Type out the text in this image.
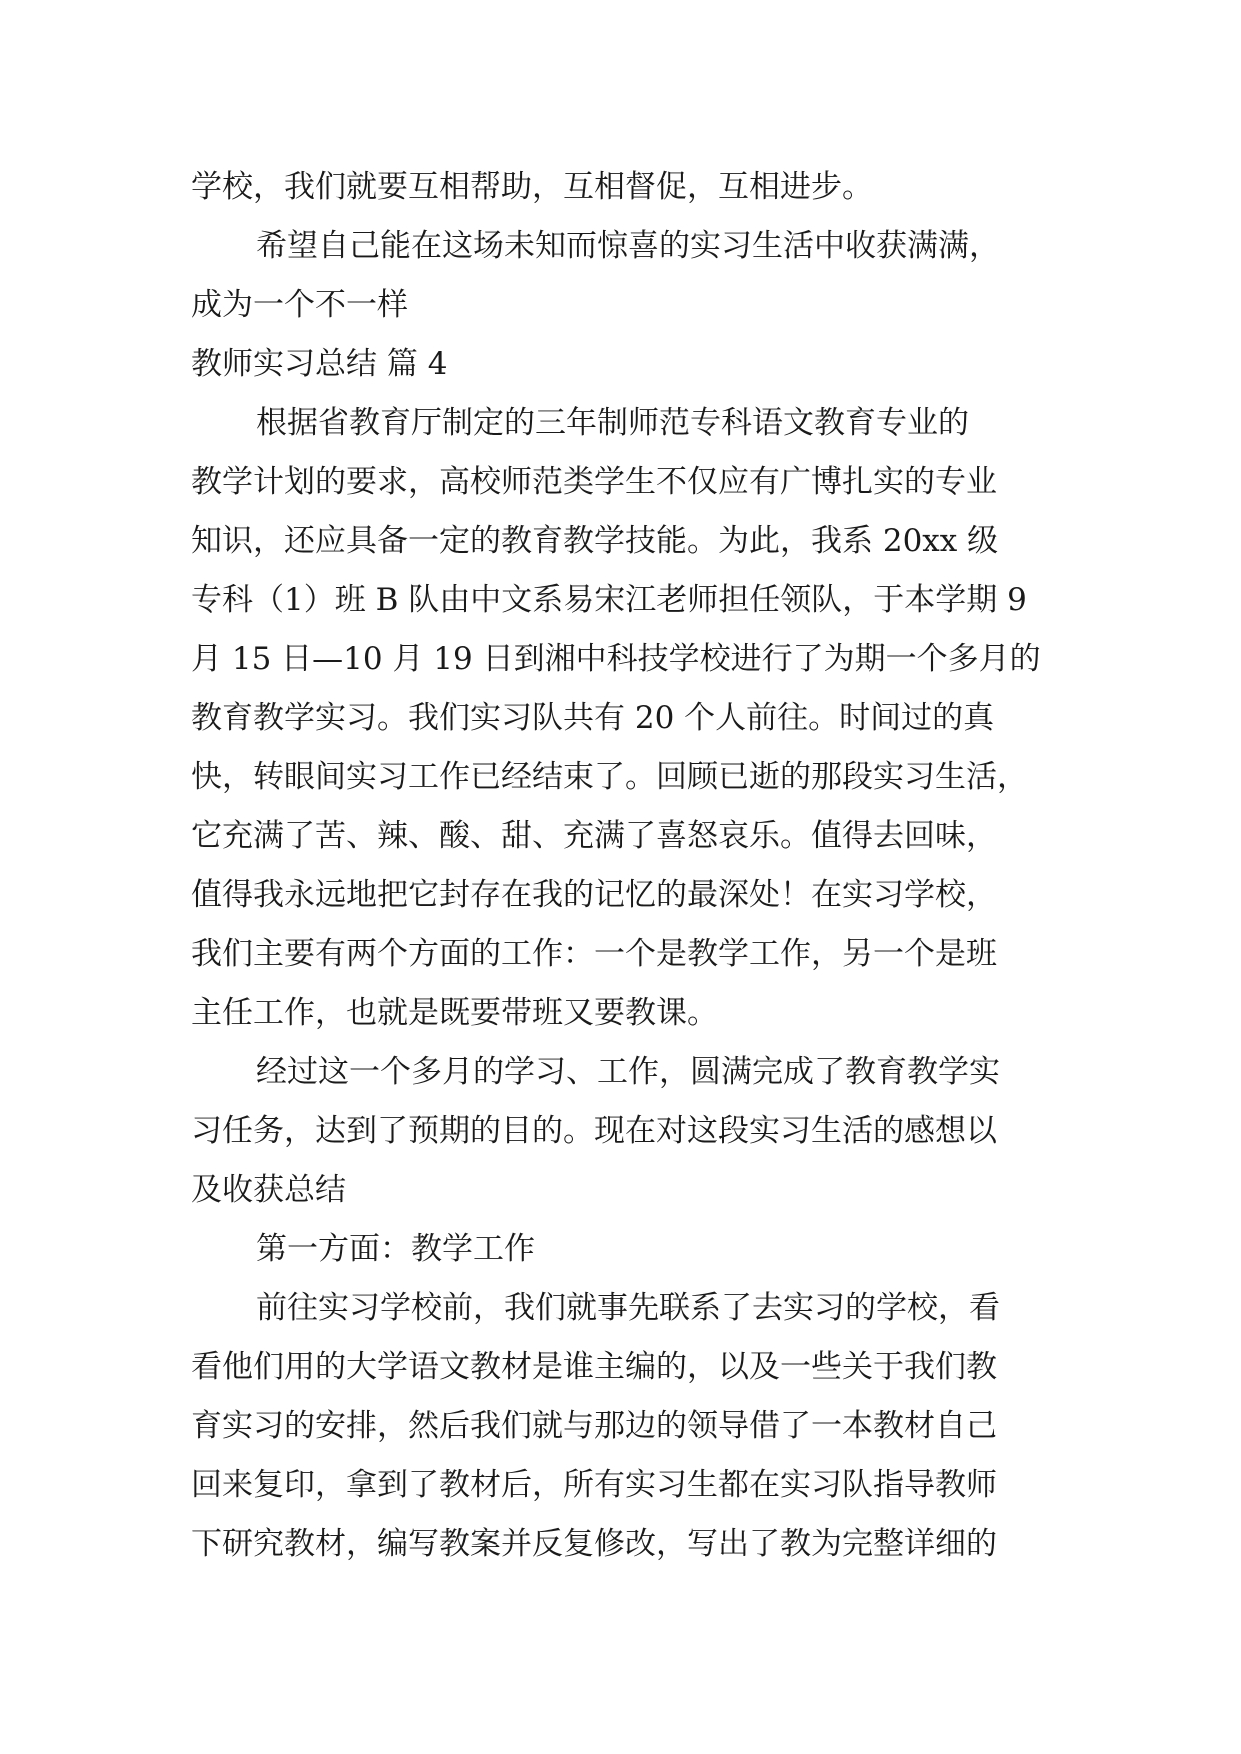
学校，我们就要互相帮助，互相督促，互相进步。
希望自己能在这场未知而惊喜的实习生活中收获满满，
成为一个不一样
教师实习总结 篇 4
根据省教育厅制定的三年制师范专科语文教育专业的
教学计划的要求，高校师范类学生不仅应有广博扎实的专业
知识，还应具备一定的教育教学技能。为此，我系 20xx 级
专科（1）班 B 队由中文系易宋江老师担任领队，于本学期 9
月 15 日—10 月 19 日到湘中科技学校进行了为期一个多月的
教育教学实习。我们实习队共有 20 个人前往。时间过的真
快，转眼间实习工作已经结束了。回顾已逝的那段实习生活，
它充满了苦、辣、酸、甜、充满了喜怒哀乐。值得去回味，
值得我永远地把它封存在我的记忆的最深处！在实习学校，
我们主要有两个方面的工作：一个是教学工作，另一个是班
主任工作，也就是既要带班又要教课。
经过这一个多月的学习、工作，圆满完成了教育教学实
习任务，达到了预期的目的。现在对这段实习生活的感想以
及收获总结
第一方面：教学工作
前往实习学校前，我们就事先联系了去实习的学校，看
看他们用的大学语文教材是谁主编的，以及一些关于我们教
育实习的安排，然后我们就与那边的领导借了一本教材自己
回来复印，拿到了教材后，所有实习生都在实习队指导教师
下研究教材，编写教案并反复修改，写出了教为完整详细的
